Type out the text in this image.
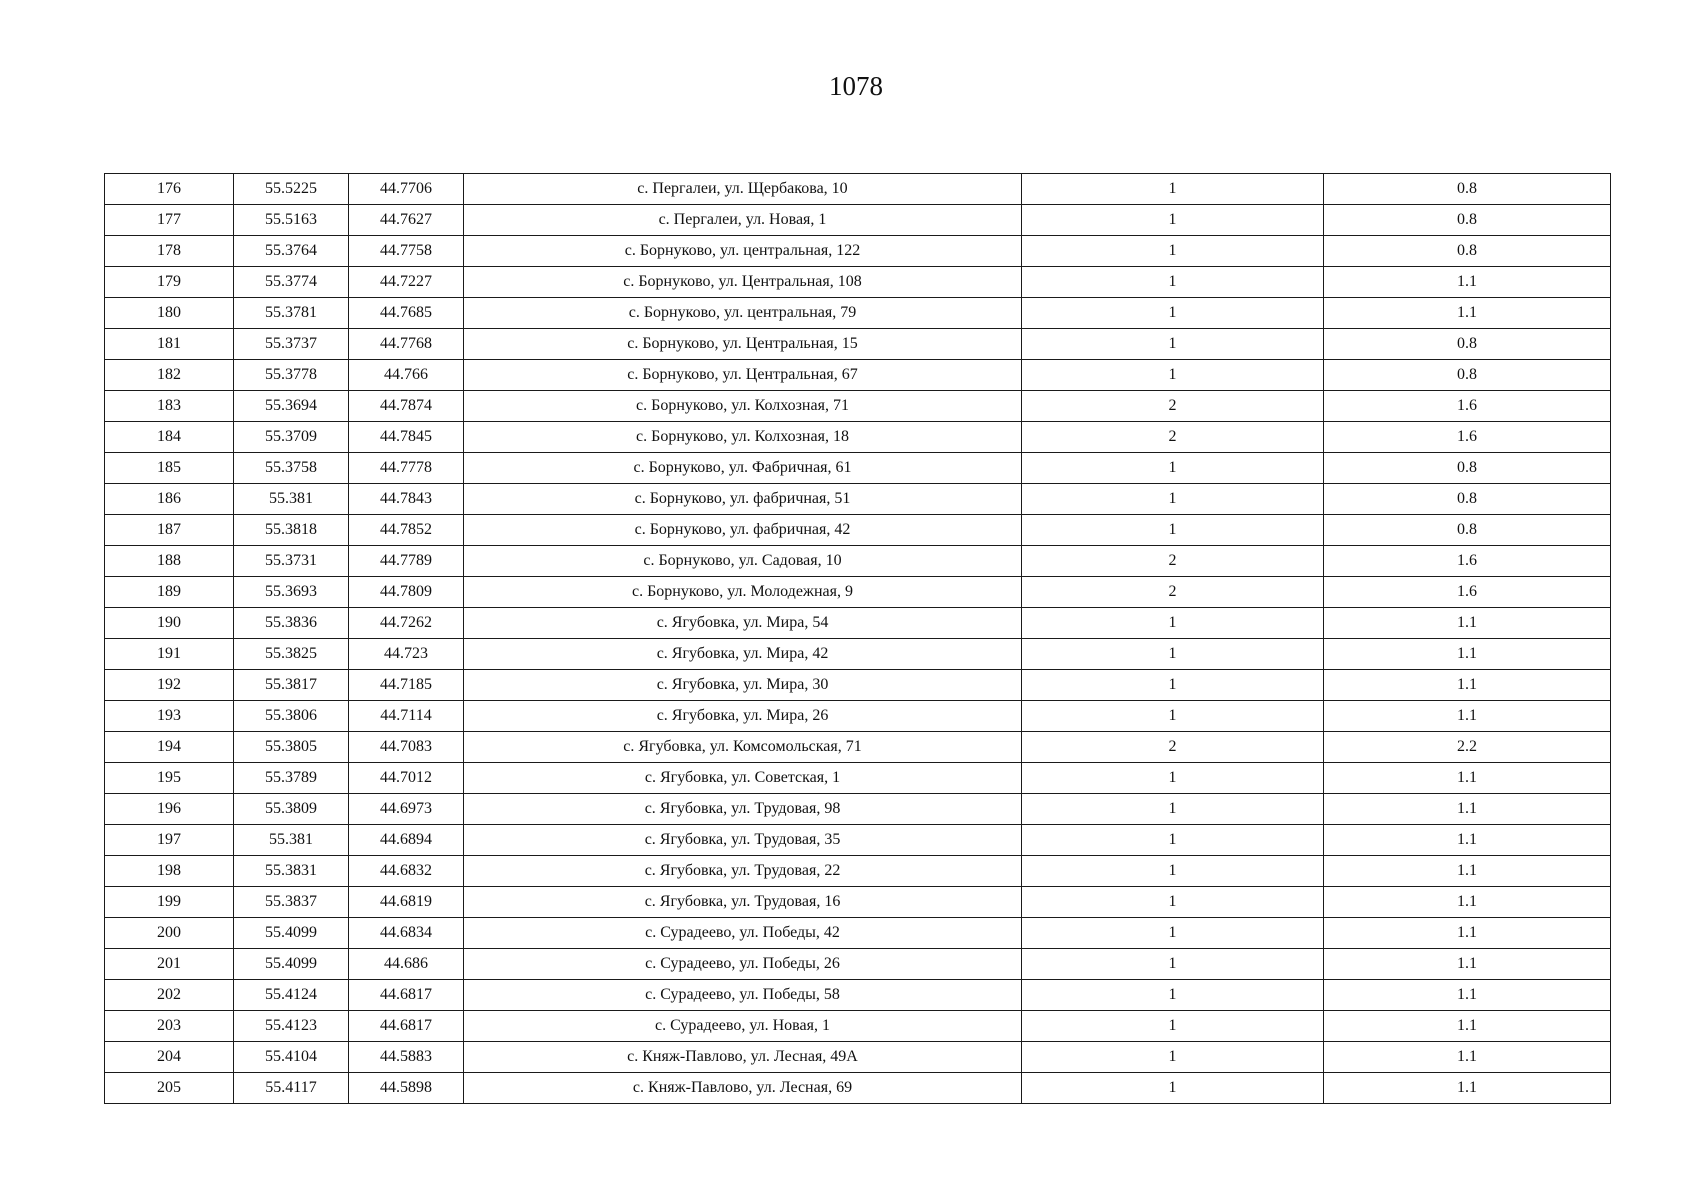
1078
176	55.5225	44.7706	с. Пергалеи, ул. Щербакова, 10	1	0.8
177	55.5163	44.7627	с. Пергалеи, ул. Новая, 1	1	0.8
178	55.3764	44.7758	с. Борнуково, ул. центральная, 122	1	0.8
179	55.3774	44.7227	с. Борнуково, ул. Центральная, 108	1	1.1
180	55.3781	44.7685	с. Борнуково, ул. центральная, 79	1	1.1
181	55.3737	44.7768	с. Борнуково, ул. Центральная, 15	1	0.8
182	55.3778	44.766	с. Борнуково, ул. Центральная, 67	1	0.8
183	55.3694	44.7874	с. Борнуково, ул. Колхозная, 71	2	1.6
184	55.3709	44.7845	с. Борнуково, ул. Колхозная, 18	2	1.6
185	55.3758	44.7778	с. Борнуково, ул. Фабричная, 61	1	0.8
186	55.381	44.7843	с. Борнуково, ул. фабричная, 51	1	0.8
187	55.3818	44.7852	с. Борнуково, ул. фабричная, 42	1	0.8
188	55.3731	44.7789	с. Борнуково, ул. Садовая, 10	2	1.6
189	55.3693	44.7809	с. Борнуково, ул. Молодежная, 9	2	1.6
190	55.3836	44.7262	с. Ягубовка, ул. Мира, 54	1	1.1
191	55.3825	44.723	с. Ягубовка, ул. Мира, 42	1	1.1
192	55.3817	44.7185	с. Ягубовка, ул. Мира, 30	1	1.1
193	55.3806	44.7114	с. Ягубовка, ул. Мира, 26	1	1.1
194	55.3805	44.7083	с. Ягубовка, ул. Комсомольская, 71	2	2.2
195	55.3789	44.7012	с. Ягубовка, ул. Советская, 1	1	1.1
196	55.3809	44.6973	с. Ягубовка, ул. Трудовая, 98	1	1.1
197	55.381	44.6894	с. Ягубовка, ул. Трудовая, 35	1	1.1
198	55.3831	44.6832	с. Ягубовка, ул. Трудовая, 22	1	1.1
199	55.3837	44.6819	с. Ягубовка, ул. Трудовая, 16	1	1.1
200	55.4099	44.6834	с. Сурадеево, ул. Победы, 42	1	1.1
201	55.4099	44.686	с. Сурадеево, ул. Победы, 26	1	1.1
202	55.4124	44.6817	с. Сурадеево, ул. Победы, 58	1	1.1
203	55.4123	44.6817	с. Сурадеево, ул. Новая, 1	1	1.1
204	55.4104	44.5883	с. Княж-Павлово, ул. Лесная, 49А	1	1.1
205	55.4117	44.5898	с. Княж-Павлово, ул. Лесная, 69	1	1.1
